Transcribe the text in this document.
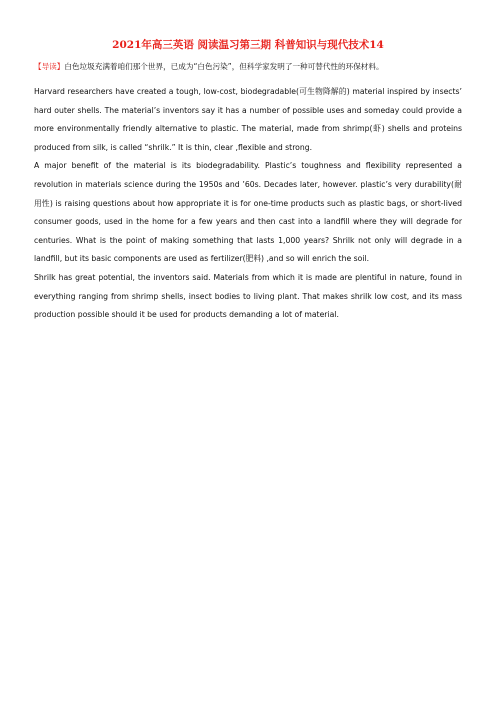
2021年高三英语 阅读温习第三期 科普知识与现代技术14
【导读】白色垃圾充满着咱们那个世界，已成为“白色污染”，但科学家发明了一种可替代性的环保材料。

Harvard researchers have created a tough, low-cost, biodegradable(可生物降解的) material inspired by insects’ hard outer shells. The material’s inventors say it has a number of possible uses and someday could provide a more environmentally friendly alternative to plastic. The material, made from shrimp(虾) shells and proteins produced from silk, is called “shrilk.” It is thin, clear ,flexible and strong.

A major benefit of the material is its biodegradability. Plastic’s toughness and flexibility represented a revolution in materials science during the 1950s and ’60s. Decades later, however. plastic’s very durability(耐用性) is raising questions about how appropriate it is for one-time products such as plastic bags, or short-lived consumer goods, used in the home for a few years and then cast into a landfill where they will degrade for centuries. What is the point of making something that lasts 1,000 years? Shrilk not only will degrade in a landfill, but its basic components are used as fertilizer(肥料) ,and so will enrich the soil.

Shrilk has great potential, the inventors said. Materials from which it is made are plentiful in nature, found in everything ranging from shrimp shells, insect bodies to living plant. That makes shrilk low cost, and its mass production possible should it be used for products demanding a lot of material.
